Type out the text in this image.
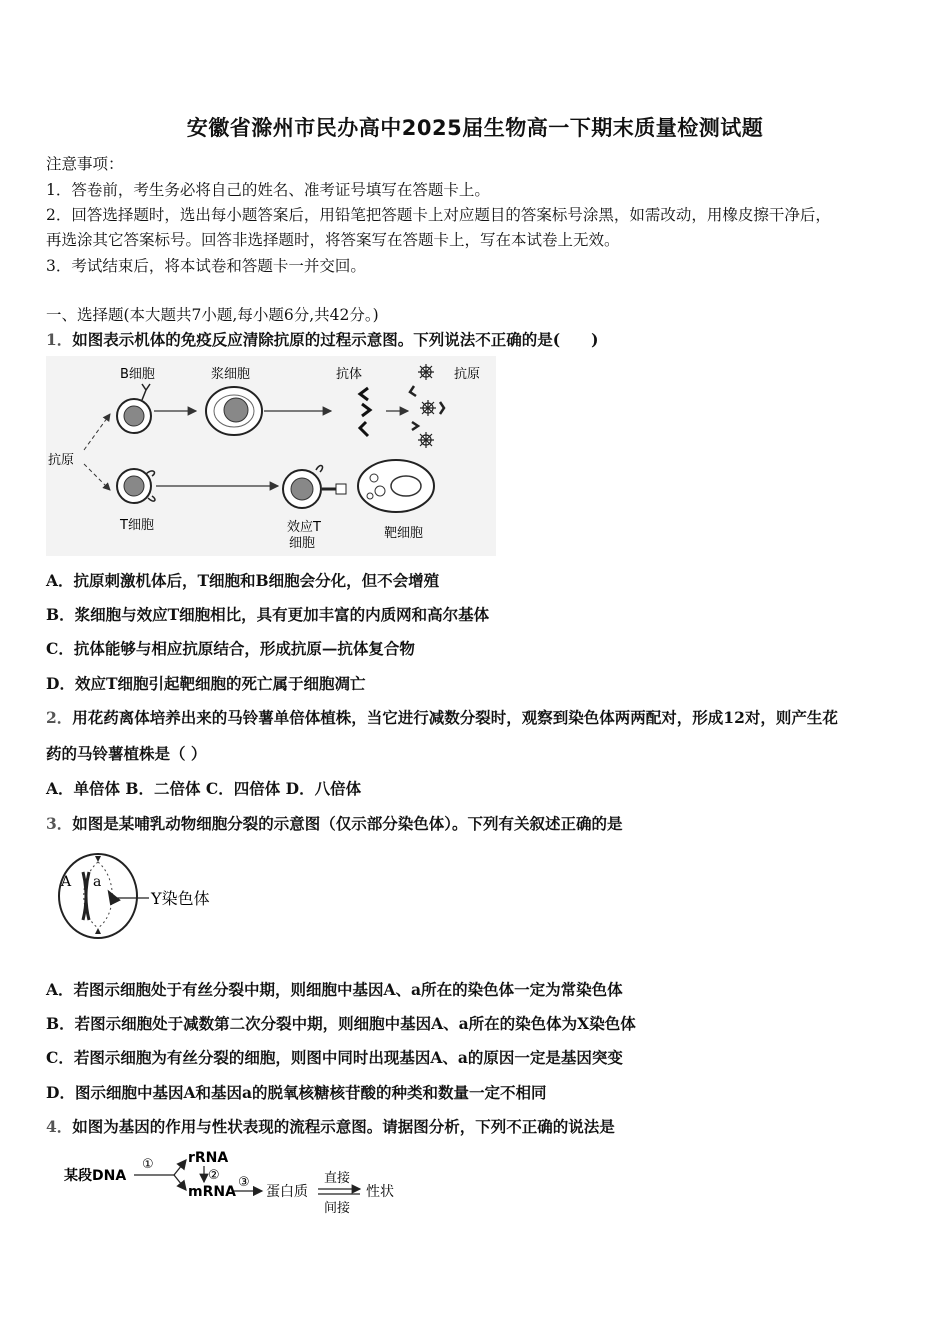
安徽省滁州市民办高中2025届生物高一下期末质量检测试题
注意事项：
1．答卷前，考生务必将自己的姓名、准考证号填写在答题卡上。
2．回答选择题时，选出每小题答案后，用铅笔把答题卡上对应题目的答案标号涂黑，如需改动，用橡皮擦干净后，
再选涂其它答案标号。回答非选择题时，将答案写在答题卡上，写在本试卷上无效。
3．考试结束后，将本试卷和答题卡一并交回。
一、选择题(本大题共7小题,每小题6分,共42分。)
1．如图表示机体的免疫反应清除抗原的过程示意图。下列说法不正确的是(　　)
B细胞	浆细胞	抗体	抗原
抗原
T细胞	效应T
细胞
靶细胞
A．抗原刺激机体后，T细胞和B细胞会分化，但不会增殖
B．浆细胞与效应T细胞相比，具有更加丰富的内质网和高尔基体
C．抗体能够与相应抗原结合，形成抗原—抗体复合物
D．效应T细胞引起靶细胞的死亡属于细胞凋亡
2．用花药离体培养出来的马铃薯单倍体植株，当它进行减数分裂时，观察到染色体两两配对，形成12对，则产生花
药的马铃薯植株是（ ）
A．单倍体 B．二倍体 C．四倍体 D．八倍体
3．如图是某哺乳动物细胞分裂的示意图（仅示部分染色体）。下列有关叙述正确的是
A a
Y染色体
A．若图示细胞处于有丝分裂中期，则细胞中基因A、a所在的染色体一定为常染色体
B．若图示细胞处于减数第二次分裂中期，则细胞中基因A、a所在的染色体为X染色体
C．若图示细胞为有丝分裂的细胞，则图中同时出现基因A、a的原因一定是基因突变
D．图示细胞中基因A和基因a的脱氧核糖核苷酸的种类和数量一定不相同
4．如图为基因的作用与性状表现的流程示意图。请据图分析，下列不正确的说法是
某段DNA
① rRNA
②
mRNA
③
蛋白质
直接
间接
性状
